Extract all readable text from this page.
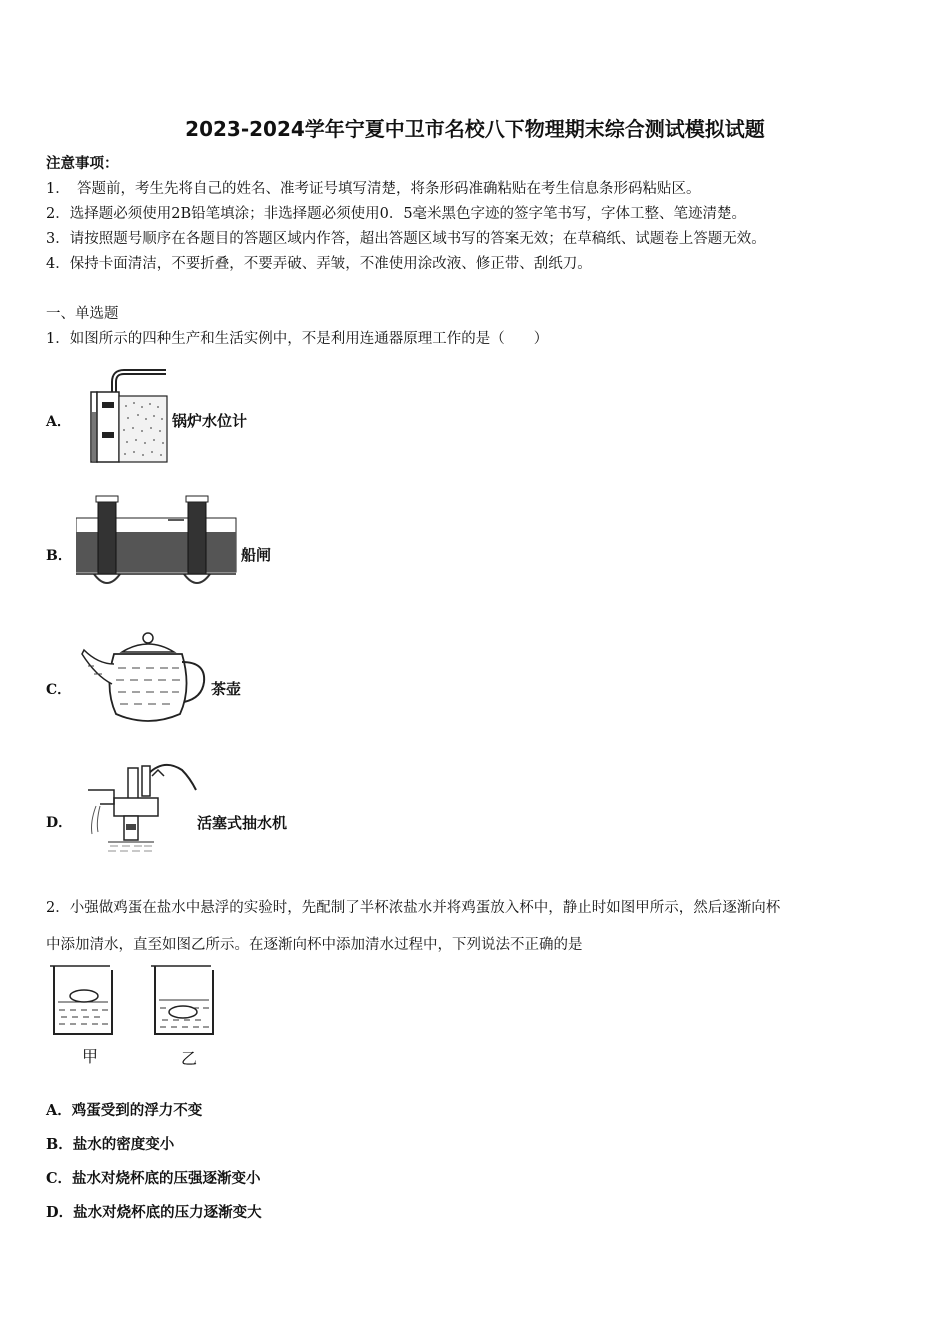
2023-2024学年宁夏中卫市名校八下物理期末综合测试模拟试题
注意事项：
1．　答题前，考生先将自己的姓名、准考证号填写清楚，将条形码准确粘贴在考生信息条形码粘贴区。
2．选择题必须使用2B铅笔填涂；非选择题必须使用0．5毫米黑色字迹的签字笔书写，字体工整、笔迹清楚。
3．请按照题号顺序在各题目的答题区域内作答，超出答题区域书写的答案无效；在草稿纸、试题卷上答题无效。
4．保持卡面清洁，不要折叠，不要弄破、弄皱，不准使用涂改液、修正带、刮纸刀。
一、单选题
1．如图所示的四种生产和生活实例中，不是利用连通器原理工作的是（　　）
A．	锅炉水位计
B．	船闸
C．	茶壶
D．	活塞式抽水机
2．小强做鸡蛋在盐水中悬浮的实验时，先配制了半杯浓盐水并将鸡蛋放入杯中，静止时如图甲所示，然后逐渐向杯
中添加清水，直至如图乙所示。在逐渐向杯中添加清水过程中，下列说法不正确的是
甲	乙
A．鸡蛋受到的浮力不变
B．盐水的密度变小
C．盐水对烧杯底的压强逐渐变小
D．盐水对烧杯底的压力逐渐变大
